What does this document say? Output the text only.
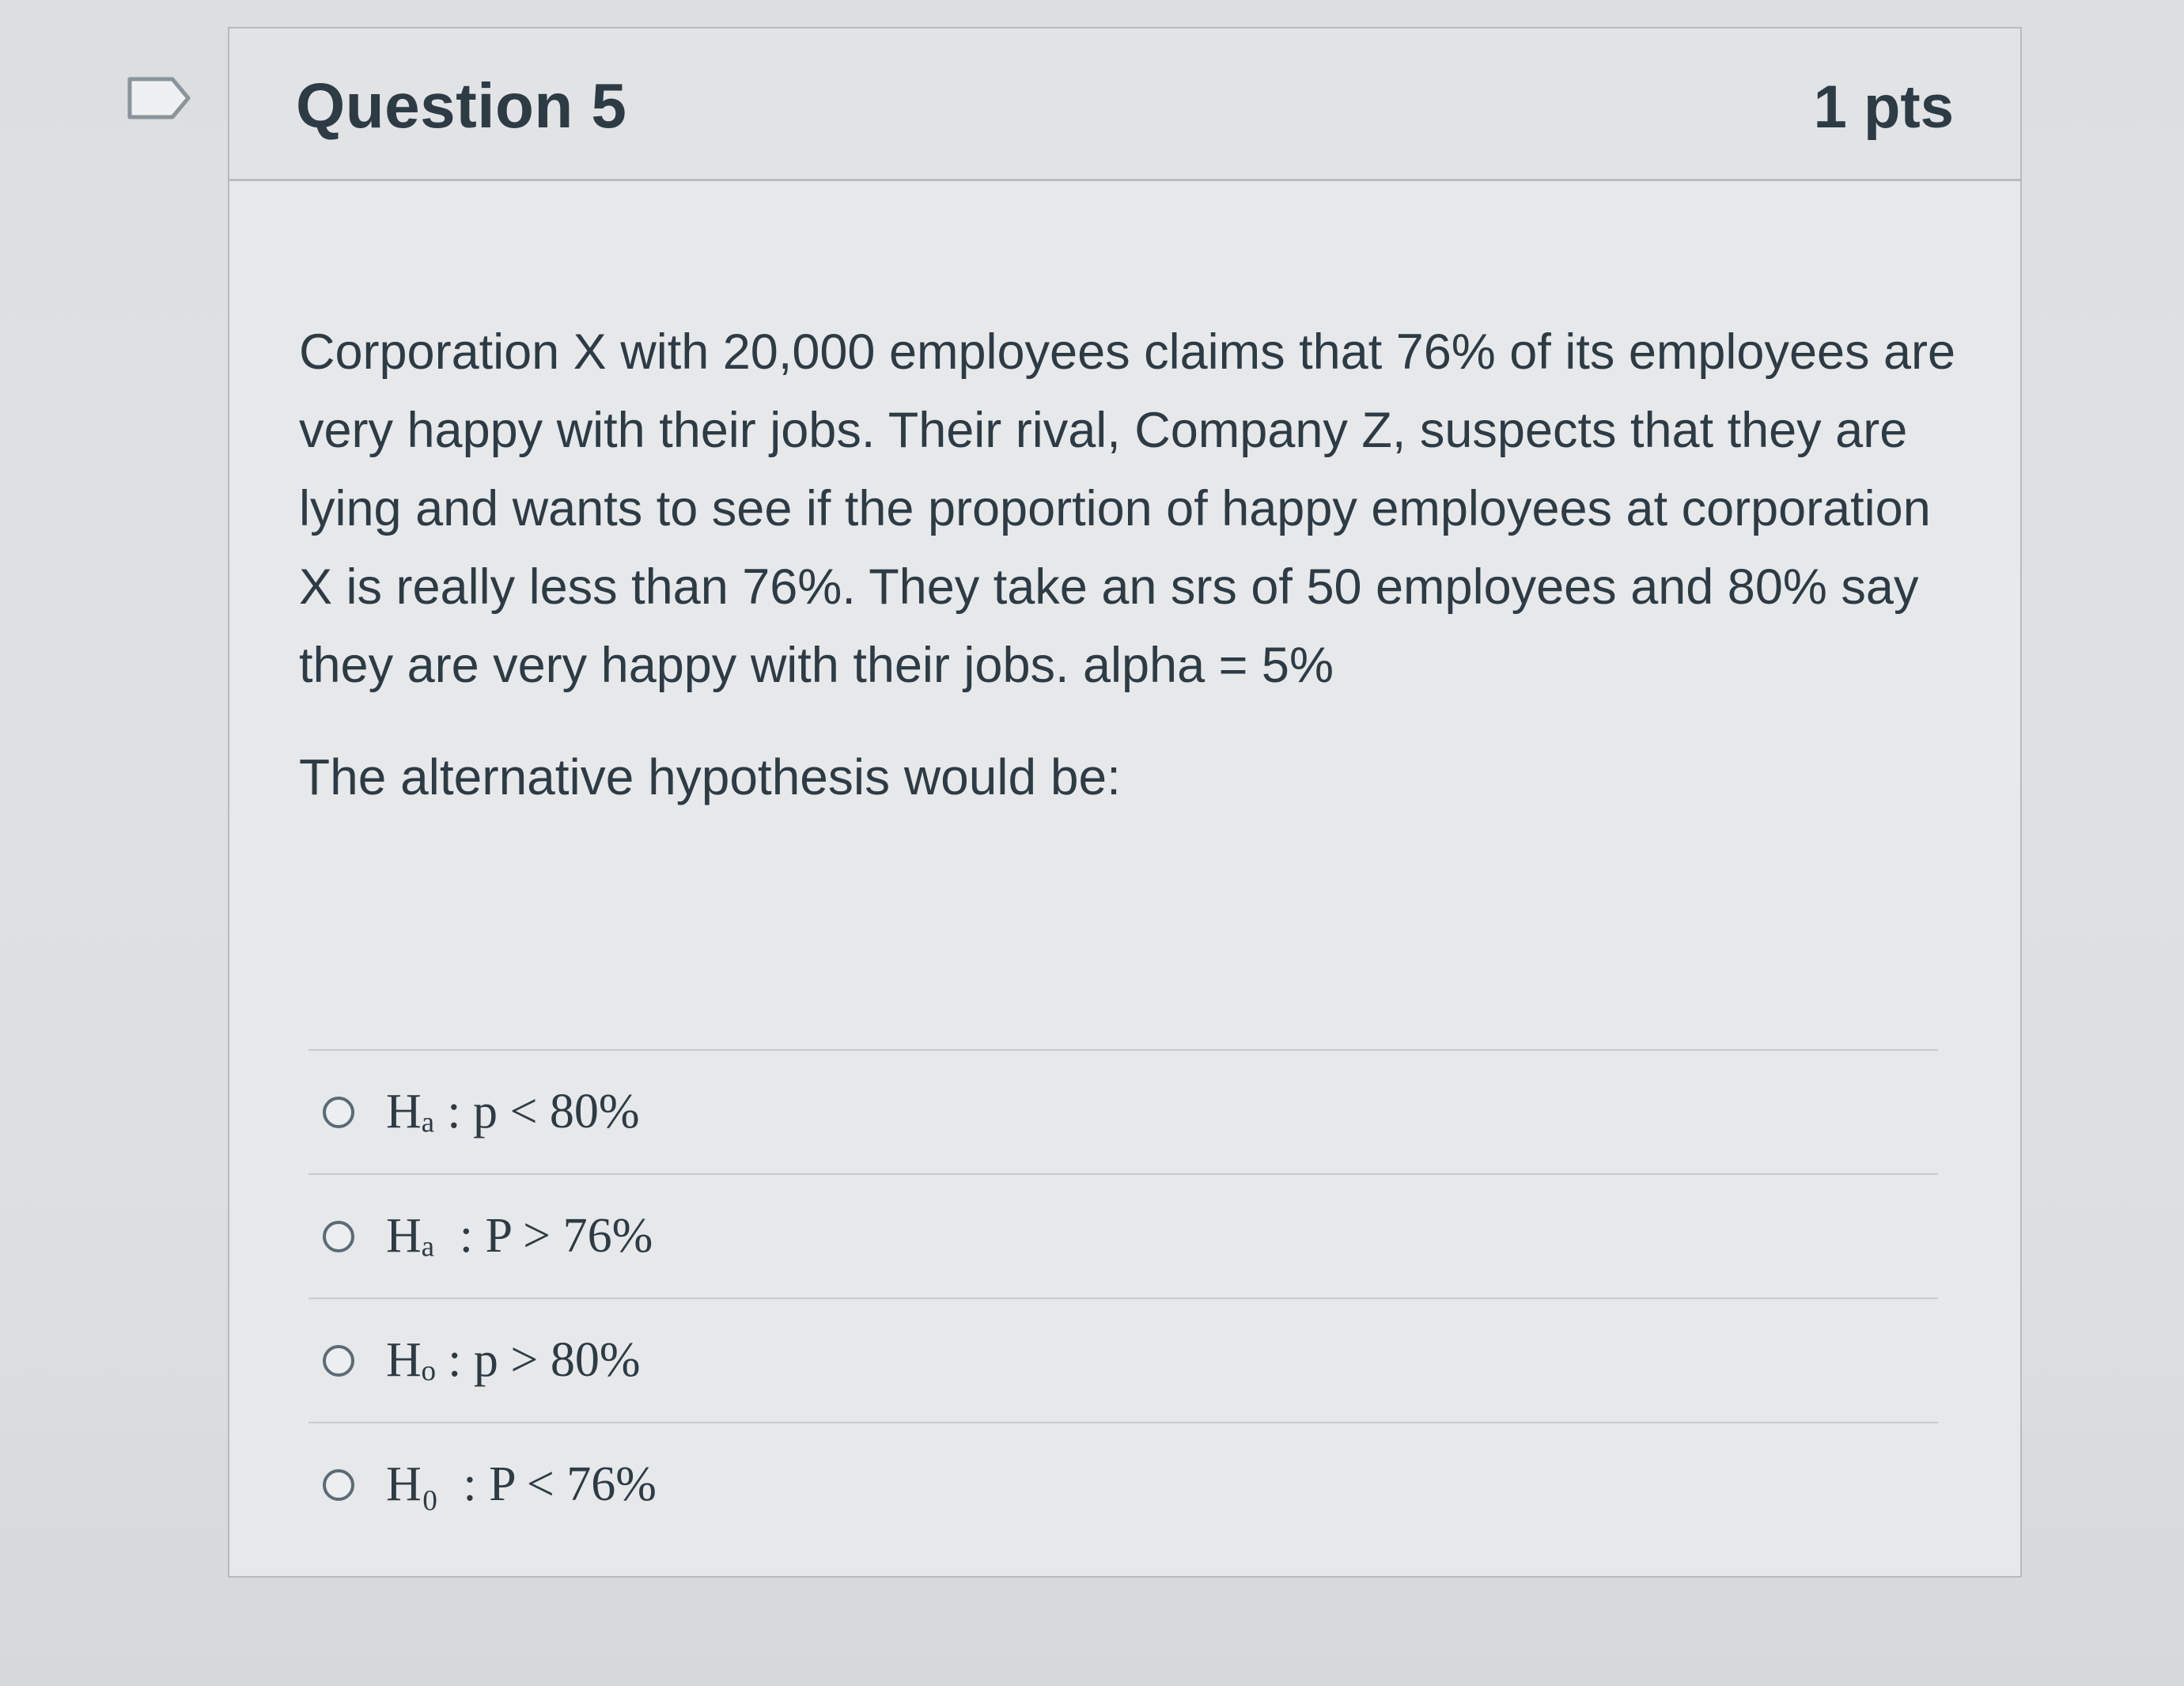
Question 5	1 pts

Corporation X with 20,000 employees claims that 76% of its employees are very happy with their jobs. Their rival, Company Z, suspects that they are lying and wants to see if the proportion of happy employees at corporation X is really less than 76%. They take an srs of 50 employees and 80% say they are very happy with their jobs. alpha = 5%

The alternative hypothesis would be:

Hₐ : p < 80%
Hₐ  : P > 76%
Hₒ : p > 80%
H₀  : P < 76%
